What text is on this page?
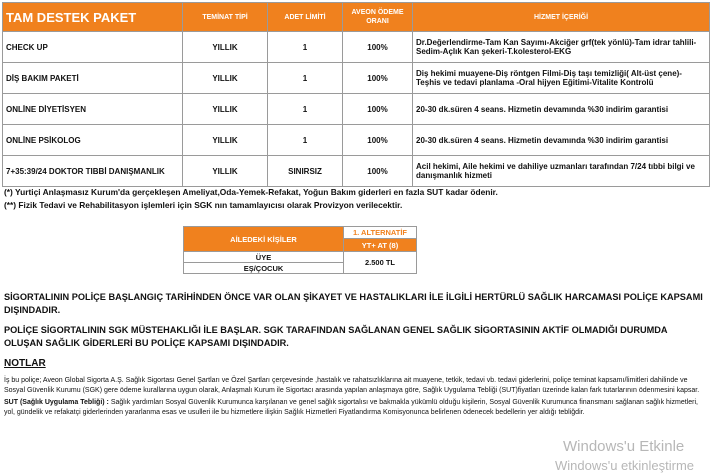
TAM DESTEK PAKET	TEMİNAT TİPİ	ADET LİMİTİ	AVEON ÖDEME ORANI	HİZMET İÇERİĞİ
CHECK UP	YILLIK	1	100%	Dr.Değerlendirme-Tam Kan Sayımı-Akciğer grf(tek yönlü)-Tam idrar tahlili-Sedim-Açlık Kan şekeri-T.kolesterol-EKG
DİŞ BAKIM PAKETİ	YILLIK	1	100%	Diş hekimi muayene-Diş röntgen Filmi-Diş taşı temizliği( Alt-üst çene)- Teşhis ve tedavi planlama -Oral hijyen Eğitimi-Vitalite Kontrolü
ONLİNE DİYETİSYEN	YILLIK	1	100%	20-30 dk.süren 4 seans. Hizmetin devamında %30 indirim garantisi
ONLİNE PSİKOLOG	YILLIK	1	100%	20-30 dk.süren 4 seans. Hizmetin devamında %30 indirim garantisi
7+35:39/24 DOKTOR TIBBİ DANIŞMANLIK	YILLIK	SINIRSIZ	100%	Acil hekimi, Aile hekimi ve dahiliye uzmanları tarafından 7/24 tıbbi bilgi ve danışmanlık hizmeti

(*) Yurtiçi Anlaşmasız Kurum'da gerçekleşen Ameliyat,Oda-Yemek-Refakat, Yoğun Bakım giderleri en fazla SUT kadar ödenir.

(**) Fizik Tedavi ve Rehabilitasyon işlemleri için SGK nın tamamlayıcısı olarak Provizyon verilecektir.

AİLEDEKİ KİŞİLER	1. ALTERNATİF
	YT+ AT (8)
ÜYE	2.500 TL
EŞ/ÇOCUK	
SİGORTALININ POLİÇE BAŞLANGIÇ TARİHİNDEN ÖNCE VAR OLAN ŞİKAYET VE HASTALIKLARI İLE İLGİLİ HERTÜRLÜ SAĞLIK HARCAMASI POLİÇE KAPSAMI DIŞINDADIR.
POLİÇE SİGORTALININ SGK MÜSTEHAKLIĞI İLE BAŞLAR. SGK TARAFINDAN SAĞLANAN GENEL SAĞLIK SİGORTASININ AKTİF OLMADIĞI DURUMDA OLUŞAN SAĞLIK GİDERLERİ BU POLİÇE KAPSAMI DIŞINDADIR.
NOTLAR

İş bu poliçe; Aveon Global Sigorta A.Ş. Sağlık Sigortası Genel Şartları ve Özel Şartları çerçevesinde ,hastalık ve rahatsızlıklarına ait muayene, tetkik, tedavi vb. tedavi giderlerini, poliçe teminat kapsamı/limitleri dahilinde ve Sosyal Güvenlik Kurumu (SGK) gere ödeme kurallarına uygun olarak, Anlaşmalı Kurum ile Sigortacı arasında yapılan anlaşmaya göre, Sağlık Uygulama Tebliği (SUT)fiyatları üzerinde kalan fark tutarlarının ödenmesini kapsar.

SUT (Sağlık Uygulama Tebliği) : Sağlık yardımları Sosyal Güvenlik Kurumunca karşılanan ve genel sağlık sigortalısı ve bakmakla yükümlü olduğu kişilerin, Sosyal Güvenlik Kurumunca finansmanı sağlanan sağlık hizmetleri, yol, gündelik ve refakatçi giderlerinden yararlanma esas ve usulleri ile bu hizmetlere ilişkin Sağlık Hizmetleri Fiyatlandırma Komisyonunca belirlenen ödenecek bedellerin yer aldığı tebliğdir.

Windows'u Etkinle
Windows'u etkinleştirme
